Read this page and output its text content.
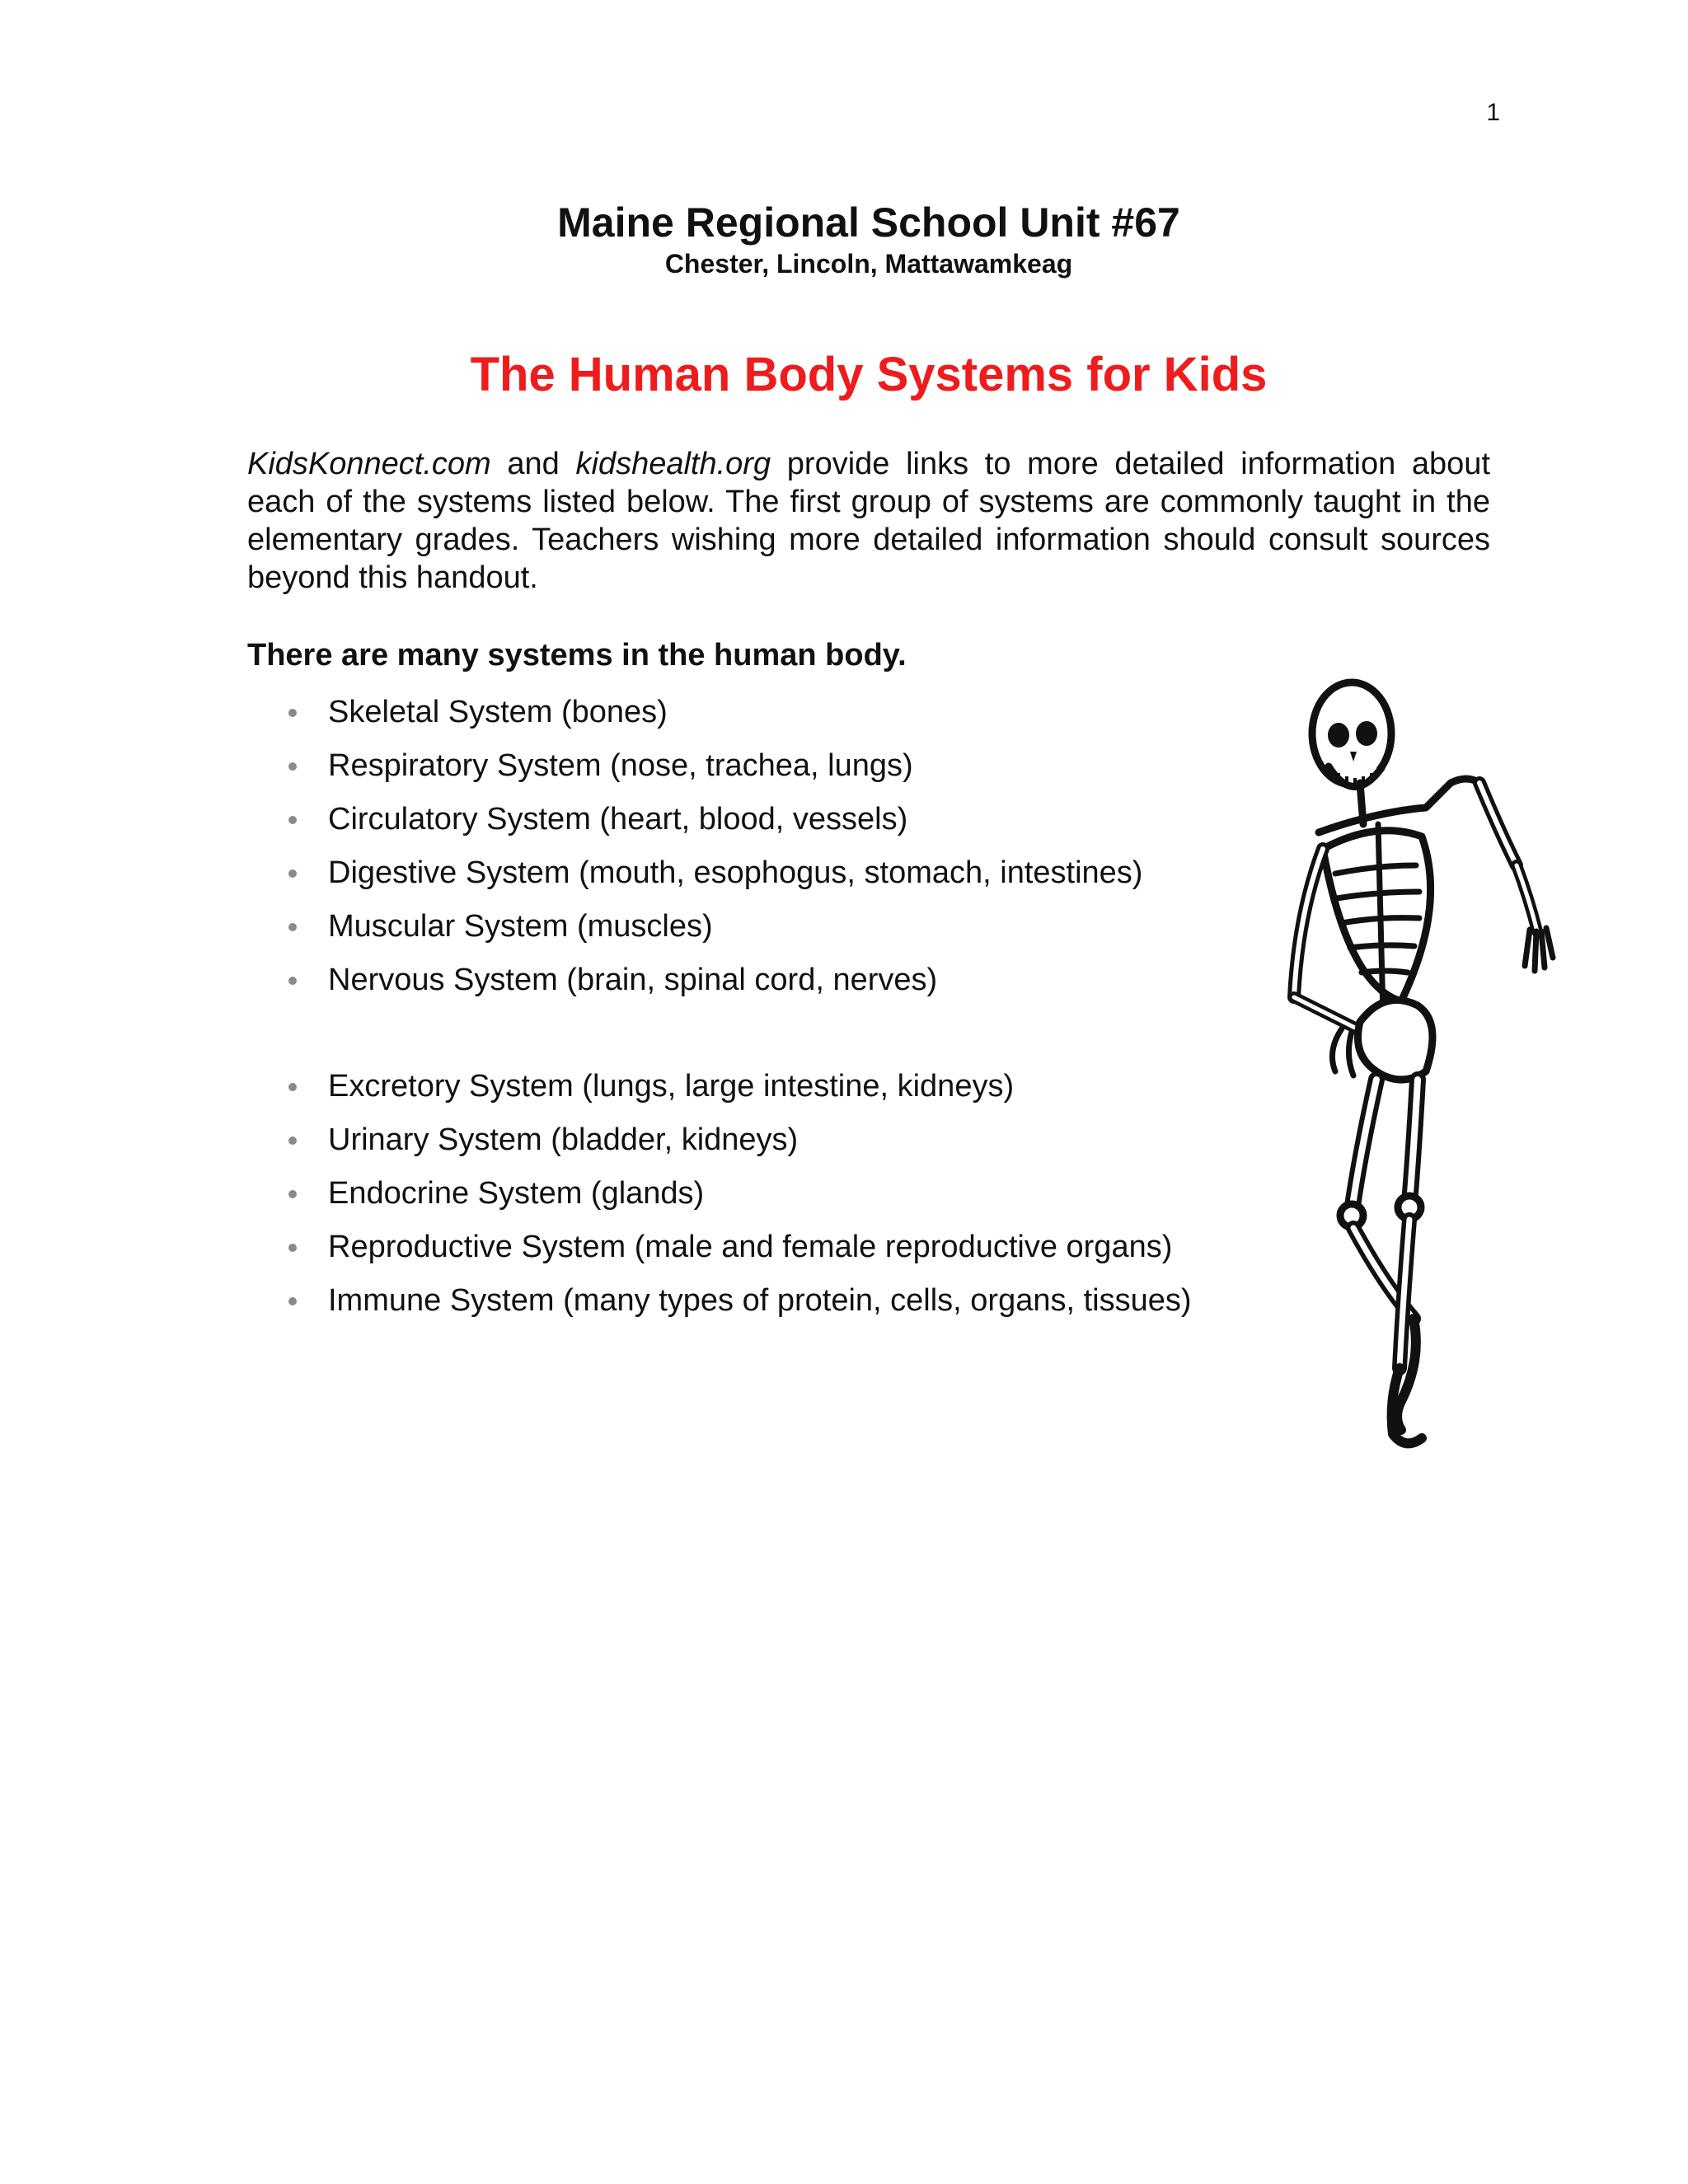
1

Maine Regional School Unit #67

Chester, Lincoln, Mattawamkeag

The Human Body Systems for Kids

KidsKonnect.com and kidshealth.org provide links to more detailed information about each of the systems listed below. The first group of systems are commonly taught in the elementary grades. Teachers wishing more detailed information should consult sources beyond this handout.

There are many systems in the human body.

Skeletal System (bones)
Respiratory System (nose, trachea, lungs)
Circulatory System (heart, blood, vessels)
Digestive System (mouth, esophogus, stomach, intestines)
Muscular System (muscles)
Nervous System (brain, spinal cord, nerves)
Excretory System (lungs, large intestine, kidneys)
Urinary System (bladder, kidneys)
Endocrine System (glands)
Reproductive System (male and female reproductive organs)
Immune System (many types of protein, cells, organs, tissues)
